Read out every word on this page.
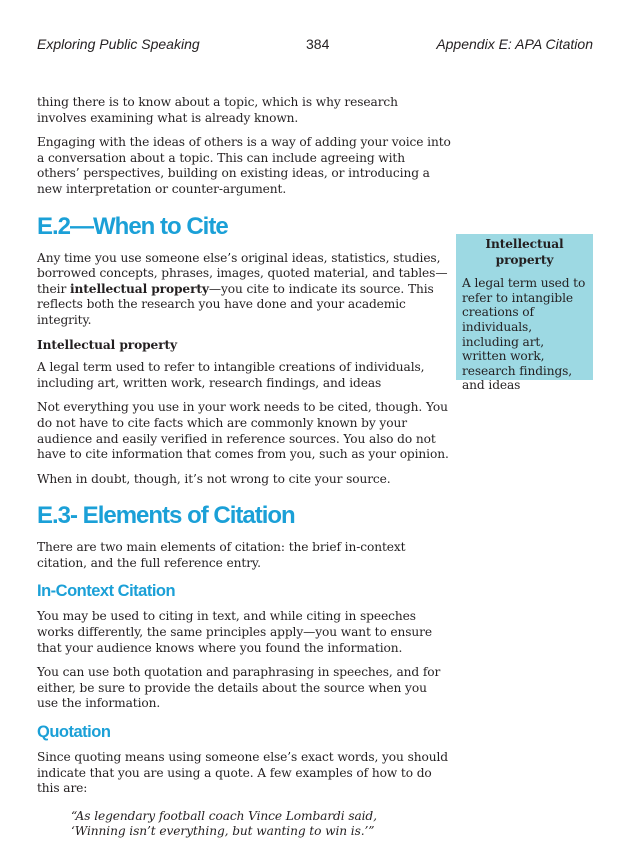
Exploring Public Speaking	384	Appendix E: APA Citation

thing there is to know about a topic, which is why research involves examining what is already known.

Engaging with the ideas of others is a way of adding your voice into a conversation about a topic. This can include agreeing with others’ perspectives, building on existing ideas, or introducing a new interpretation or counter-argument.

E.2—When to Cite

Any time you use someone else’s original ideas, statistics, studies, borrowed concepts, phrases, images, quoted material, and tables—their intellectual property—you cite to indicate its source. This reflects both the research you have done and your academic integrity.

Intellectual property

A legal term used to refer to intangible creations of individuals, including art, written work, research findings, and ideas

Not everything you use in your work needs to be cited, though. You do not have to cite facts which are commonly known by your audience and easily verified in reference sources. You also do not have to cite information that comes from you, such as your opinion.

When in doubt, though, it’s not wrong to cite your source.

E.3- Elements of Citation

There are two main elements of citation: the brief in-context citation, and the full reference entry.

In-Context Citation

You may be used to citing in text, and while citing in speeches works differently, the same principles apply—you want to ensure that your audience knows where you found the information.

You can use both quotation and paraphrasing in speeches, and for either, be sure to provide the details about the source when you use the information.

Quotation

Since quoting means using someone else’s exact words, you should indicate that you are using a quote. A few examples of how to do this are:

“As legendary football coach Vince Lombardi said, ‘Winning isn’t everything, but wanting to win is.’”

Intellectual property

A legal term used to refer to intangible creations of individuals, including art, written work, research findings, and ideas
